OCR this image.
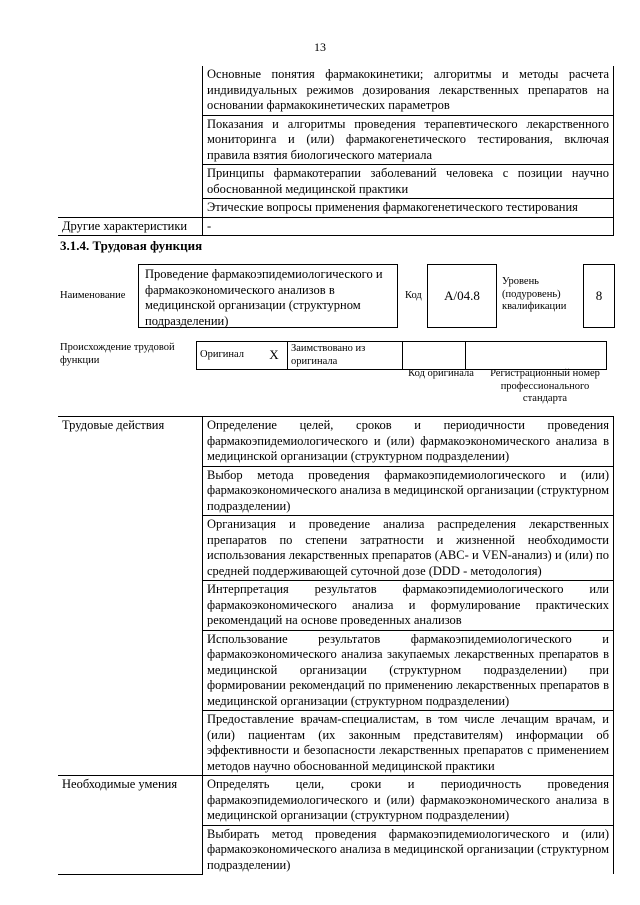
13
	Основные понятия фармакокинетики; алгоритмы и методы расчета индивидуальных режимов дозирования лекарственных препаратов на основании фармакокинетических параметров
	Показания и алгоритмы проведения терапевтического лекарственного мониторинга и (или) фармакогенетического тестирования, включая правила взятия биологического материала
	Принципы фармакотерапии заболеваний человека с позиции научно обоснованной медицинской практики
	Этические вопросы применения фармакогенетического тестирования
Другие характеристики	-
3.1.4. Трудовая функция
Наименование
Проведение фармакоэпидемиологического и фармакоэкономического анализов в медицинской организации (структурном подразделении)
Код	A/04.8
Уровень (подуровень) квалификации
8
Происхождение трудовой функции	Оригинал	X	Заимствовано из оригинала		
Код оригинала	Регистрационный номер профессионального стандарта
Трудовые действия	Определение целей, сроков и периодичности проведения фармакоэпидемиологического и (или) фармакоэкономического анализа в медицинской организации (структурном подразделении)
	Выбор метода проведения фармакоэпидемиологического и (или) фармакоэкономического анализа в медицинской организации (структурном подразделении)
	Организация и проведение анализа распределения лекарственных препаратов по степени затратности и жизненной необходимости использования лекарственных препаратов (ABC- и VEN-анализ) и (или) по средней поддерживающей суточной дозе (DDD - методология)
	Интерпретация результатов фармакоэпидемиологического или фармакоэкономического анализа и формулирование практических рекомендаций на основе проведенных анализов
	Использование результатов фармакоэпидемиологического и фармакоэкономического анализа закупаемых лекарственных препаратов в медицинской организации (структурном подразделении) при формировании рекомендаций по применению лекарственных препаратов в медицинской организации (структурном подразделении)
	Предоставление врачам-специалистам, в том числе лечащим врачам, и (или) пациентам (их законным представителям) информации об эффективности и безопасности лекарственных препаратов с применением методов научно обоснованной медицинской практики
Необходимые умения	Определять цели, сроки и периодичность проведения фармакоэпидемиологического и (или) фармакоэкономического анализа в медицинской организации (структурном подразделении)
	Выбирать метод проведения фармакоэпидемиологического и (или) фармакоэкономического анализа в медицинской организации (структурном подразделении)
